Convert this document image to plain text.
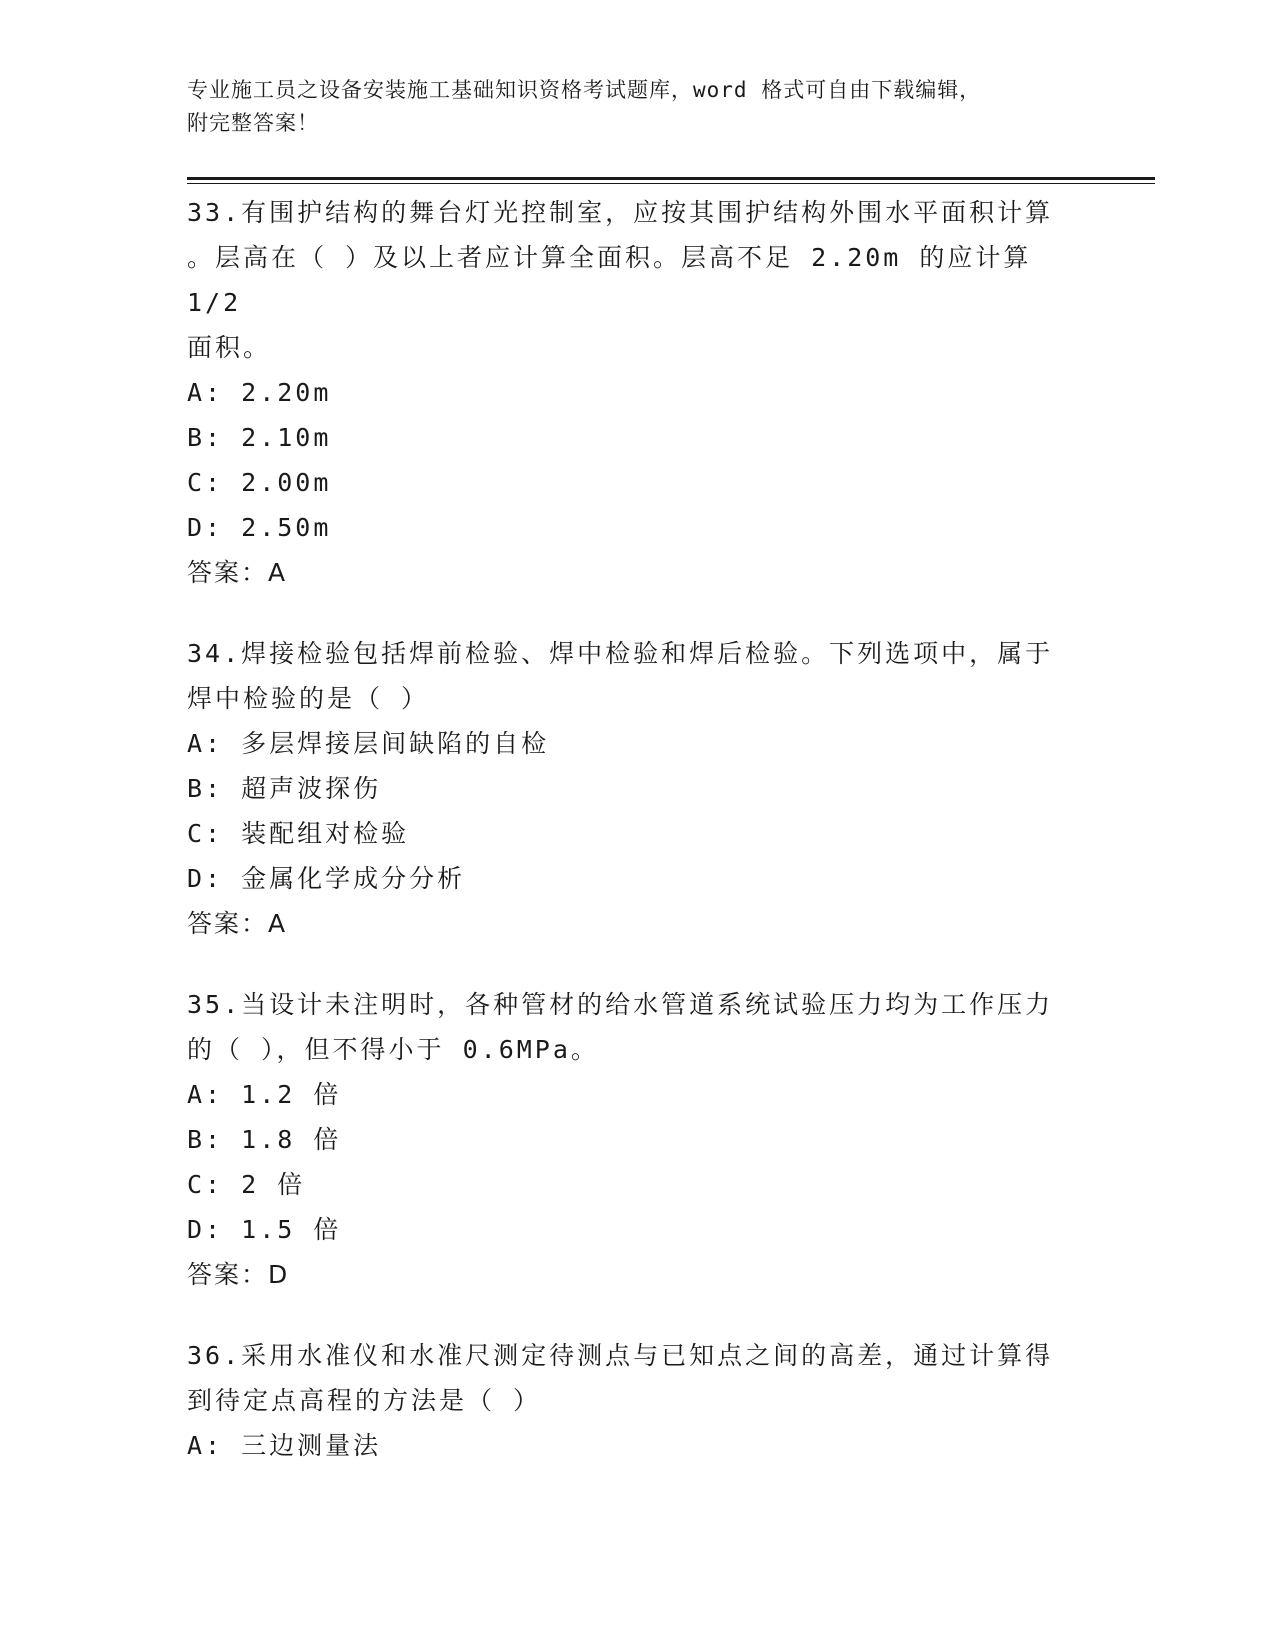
专业施工员之设备安装施工基础知识资格考试题库，word 格式可自由下载编辑，
附完整答案！

33.有围护结构的舞台灯光控制室，应按其围护结构外围水平面积计算

。层高在（ ）及以上者应计算全面积。层高不足 2.20m 的应计算 1/2

面积。

A: 2.20m

B: 2.10m

C: 2.00m

D: 2.50m

答案：A

34.焊接检验包括焊前检验、焊中检验和焊后检验。下列选项中，属于

焊中检验的是（ ）

A: 多层焊接层间缺陷的自检

B: 超声波探伤

C: 装配组对检验

D: 金属化学成分分析

答案：A

35.当设计未注明时，各种管材的给水管道系统试验压力均为工作压力

的（ ），但不得小于 0.6MPa。

A: 1.2 倍

B: 1.8 倍

C: 2 倍

D: 1.5 倍

答案：D

36.采用水准仪和水准尺测定待测点与已知点之间的高差，通过计算得

到待定点高程的方法是（ ）

A: 三边测量法
